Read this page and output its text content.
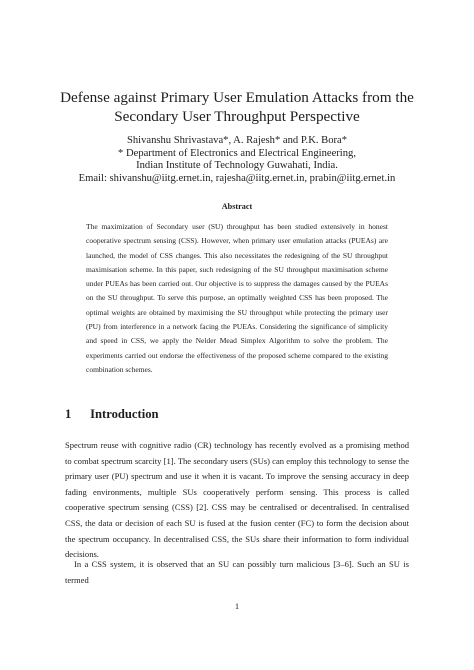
Defense against Primary User Emulation Attacks from the Secondary User Throughput Perspective
Shivanshu Shrivastava*, A. Rajesh* and P.K. Bora*
* Department of Electronics and Electrical Engineering,
Indian Institute of Technology Guwahati, India.
Email: shivanshu@iitg.ernet.in, rajesha@iitg.ernet.in, prabin@iitg.ernet.in
Abstract

The maximization of Secondary user (SU) throughput has been studied extensively in honest cooperative spectrum sensing (CSS). However, when primary user emulation attacks (PUEAs) are launched, the model of CSS changes. This also necessitates the redesigning of the SU throughput maximisation scheme. In this paper, such redesigning of the SU throughput maximisation scheme under PUEAs has been carried out. Our objective is to suppress the damages caused by the PUEAs on the SU throughput. To serve this purpose, an optimally weighted CSS has been proposed. The optimal weights are obtained by maximising the SU throughput while protecting the primary user (PU) from interference in a network facing the PUEAs. Considering the significance of simplicity and speed in CSS, we apply the Nelder Mead Simplex Algorithm to solve the problem. The experiments carried out endorse the effectiveness of the proposed scheme compared to the existing combination schemes.

1 Introduction

Spectrum reuse with cognitive radio (CR) technology has recently evolved as a promising method to combat spectrum scarcity [1]. The secondary users (SUs) can employ this technology to sense the primary user (PU) spectrum and use it when it is vacant. To improve the sensing accuracy in deep fading environments, multiple SUs cooperatively perform sensing. This process is called cooperative spectrum sensing (CSS) [2]. CSS may be centralised or decentralised. In centralised CSS, the data or decision of each SU is fused at the fusion center (FC) to form the decision about the spectrum occupancy. In decentralised CSS, the SUs share their information to form individual decisions.

In a CSS system, it is observed that an SU can possibly turn malicious [3–6]. Such an SU is termed

1
